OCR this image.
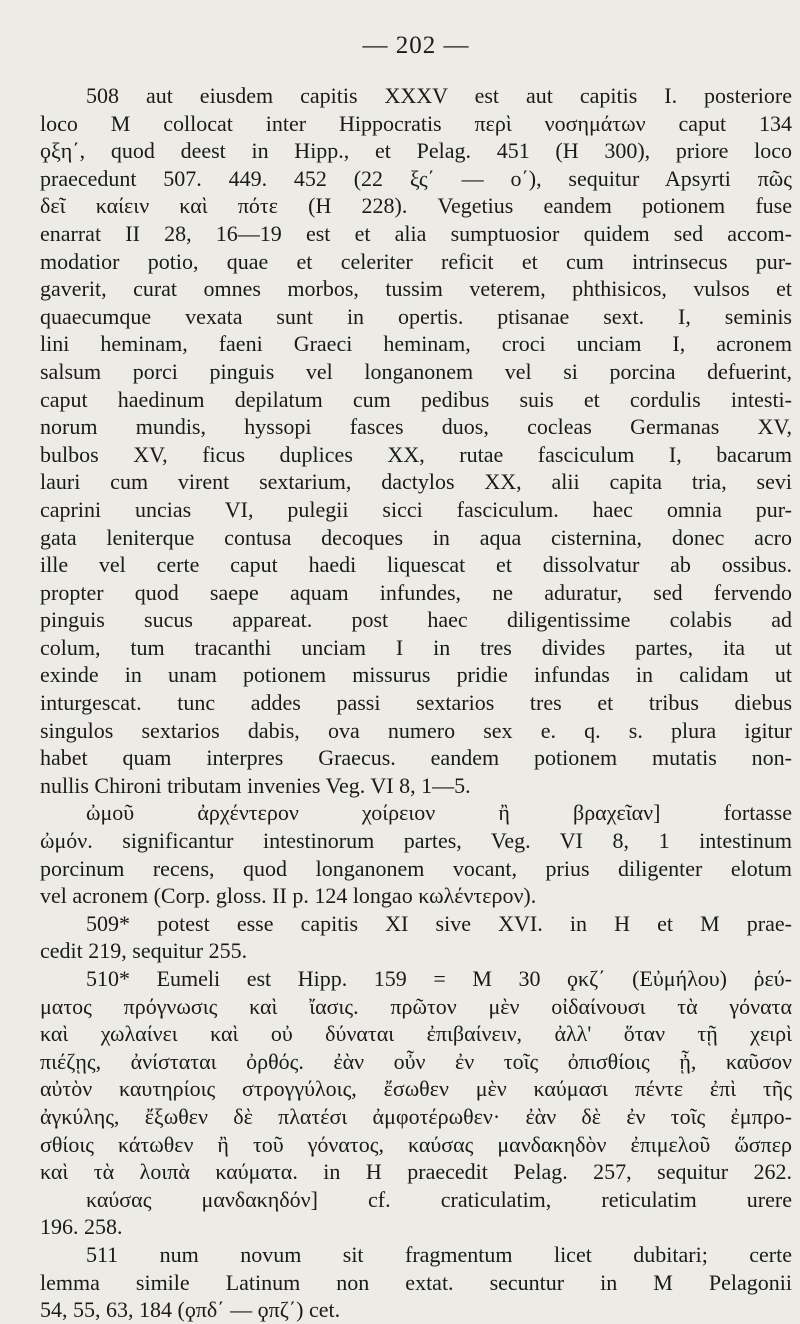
— 202 —
508 aut eiusdem capitis XXXV est aut capitis I. posteriore
loco M collocat inter Hippocratis περὶ νοσημάτων caput 134
ϙξη΄, quod deest in Hipp., et Pelag. 451 (H 300), priore loco
praecedunt 507. 449. 452 (22 ξς΄ — ο΄), sequitur Apsyrti πῶς
δεῖ καίειν καὶ πότε (H 228). Vegetius eandem potionem fuse
enarrat II 28, 16—19 est et alia sumptuosior quidem sed accom-
modatior potio, quae et celeriter reficit et cum intrinsecus pur-
gaverit, curat omnes morbos, tussim veterem, phthisicos, vulsos et
quaecumque vexata sunt in opertis. ptisanae sext. I, seminis
lini heminam, faeni Graeci heminam, croci unciam I, acronem
salsum porci pinguis vel longanonem vel si porcina defuerint,
caput haedinum depilatum cum pedibus suis et cordulis intesti-
norum mundis, hyssopi fasces duos, cocleas Germanas XV,
bulbos XV, ficus duplices XX, rutae fasciculum I, bacarum
lauri cum virent sextarium, dactylos XX, alii capita tria, sevi
caprini uncias VI, pulegii sicci fasciculum. haec omnia pur-
gata leniterque contusa decoques in aqua cisternina, donec acro
ille vel certe caput haedi liquescat et dissolvatur ab ossibus.
propter quod saepe aquam infundes, ne aduratur, sed fervendo
pinguis sucus appareat. post haec diligentissime colabis ad
colum, tum tracanthi unciam I in tres divides partes, ita ut
exinde in unam potionem missurus pridie infundas in calidam ut
inturgescat. tunc addes passi sextarios tres et tribus diebus
singulos sextarios dabis, ova numero sex e. q. s. plura igitur
habet quam interpres Graecus. eandem potionem mutatis non-
nullis Chironi tributam invenies Veg. VI 8, 1—5.
ὠμοῦ ἀρχέντερον χοίρειον ἢ βραχεῖαν] fortasse
ὠμόν. significantur intestinorum partes, Veg. VI 8, 1 intestinum
porcinum recens, quod longanonem vocant, prius diligenter elotum
vel acronem (Corp. gloss. II p. 124 longao κωλέντερον).
509* potest esse capitis XI sive XVI. in H et M prae-
cedit 219, sequitur 255.
510* Eumeli est Hipp. 159 = M 30 ϙκζ΄ (Εὐμήλου) ῥεύ-
ματος πρόγνωσις καὶ ἴασις. πρῶτον μὲν οἰδαίνουσι τὰ γόνατα
καὶ χωλαίνει καὶ οὐ δύναται ἐπιβαίνειν, ἀλλ' ὅταν τῇ χειρὶ
πιέζῃς, ἀνίσταται ὀρθός. ἐὰν οὖν ἐν τοῖς ὀπισθίοις ᾖ, καῦσον
αὐτὸν καυτηρίοις στρογγύλοις, ἔσωθεν μὲν καύμασι πέντε ἐπὶ τῆς
ἀγκύλης, ἔξωθεν δὲ πλατέσι ἀμφοτέρωθεν· ἐὰν δὲ ἐν τοῖς ἐμπρο-
σθίοις κάτωθεν ἢ τοῦ γόνατος, καύσας μανδακηδὸν ἐπιμελοῦ ὥσπερ
καὶ τὰ λοιπὰ καύματα. in H praecedit Pelag. 257, sequitur 262.
καύσας μανδακηδόν] cf. craticulatim, reticulatim urere
196. 258.
511 num novum sit fragmentum licet dubitari; certe
lemma simile Latinum non extat. secuntur in M Pelagonii
54, 55, 63, 184 (ϙπδ΄ — ϙπζ΄) cet.
